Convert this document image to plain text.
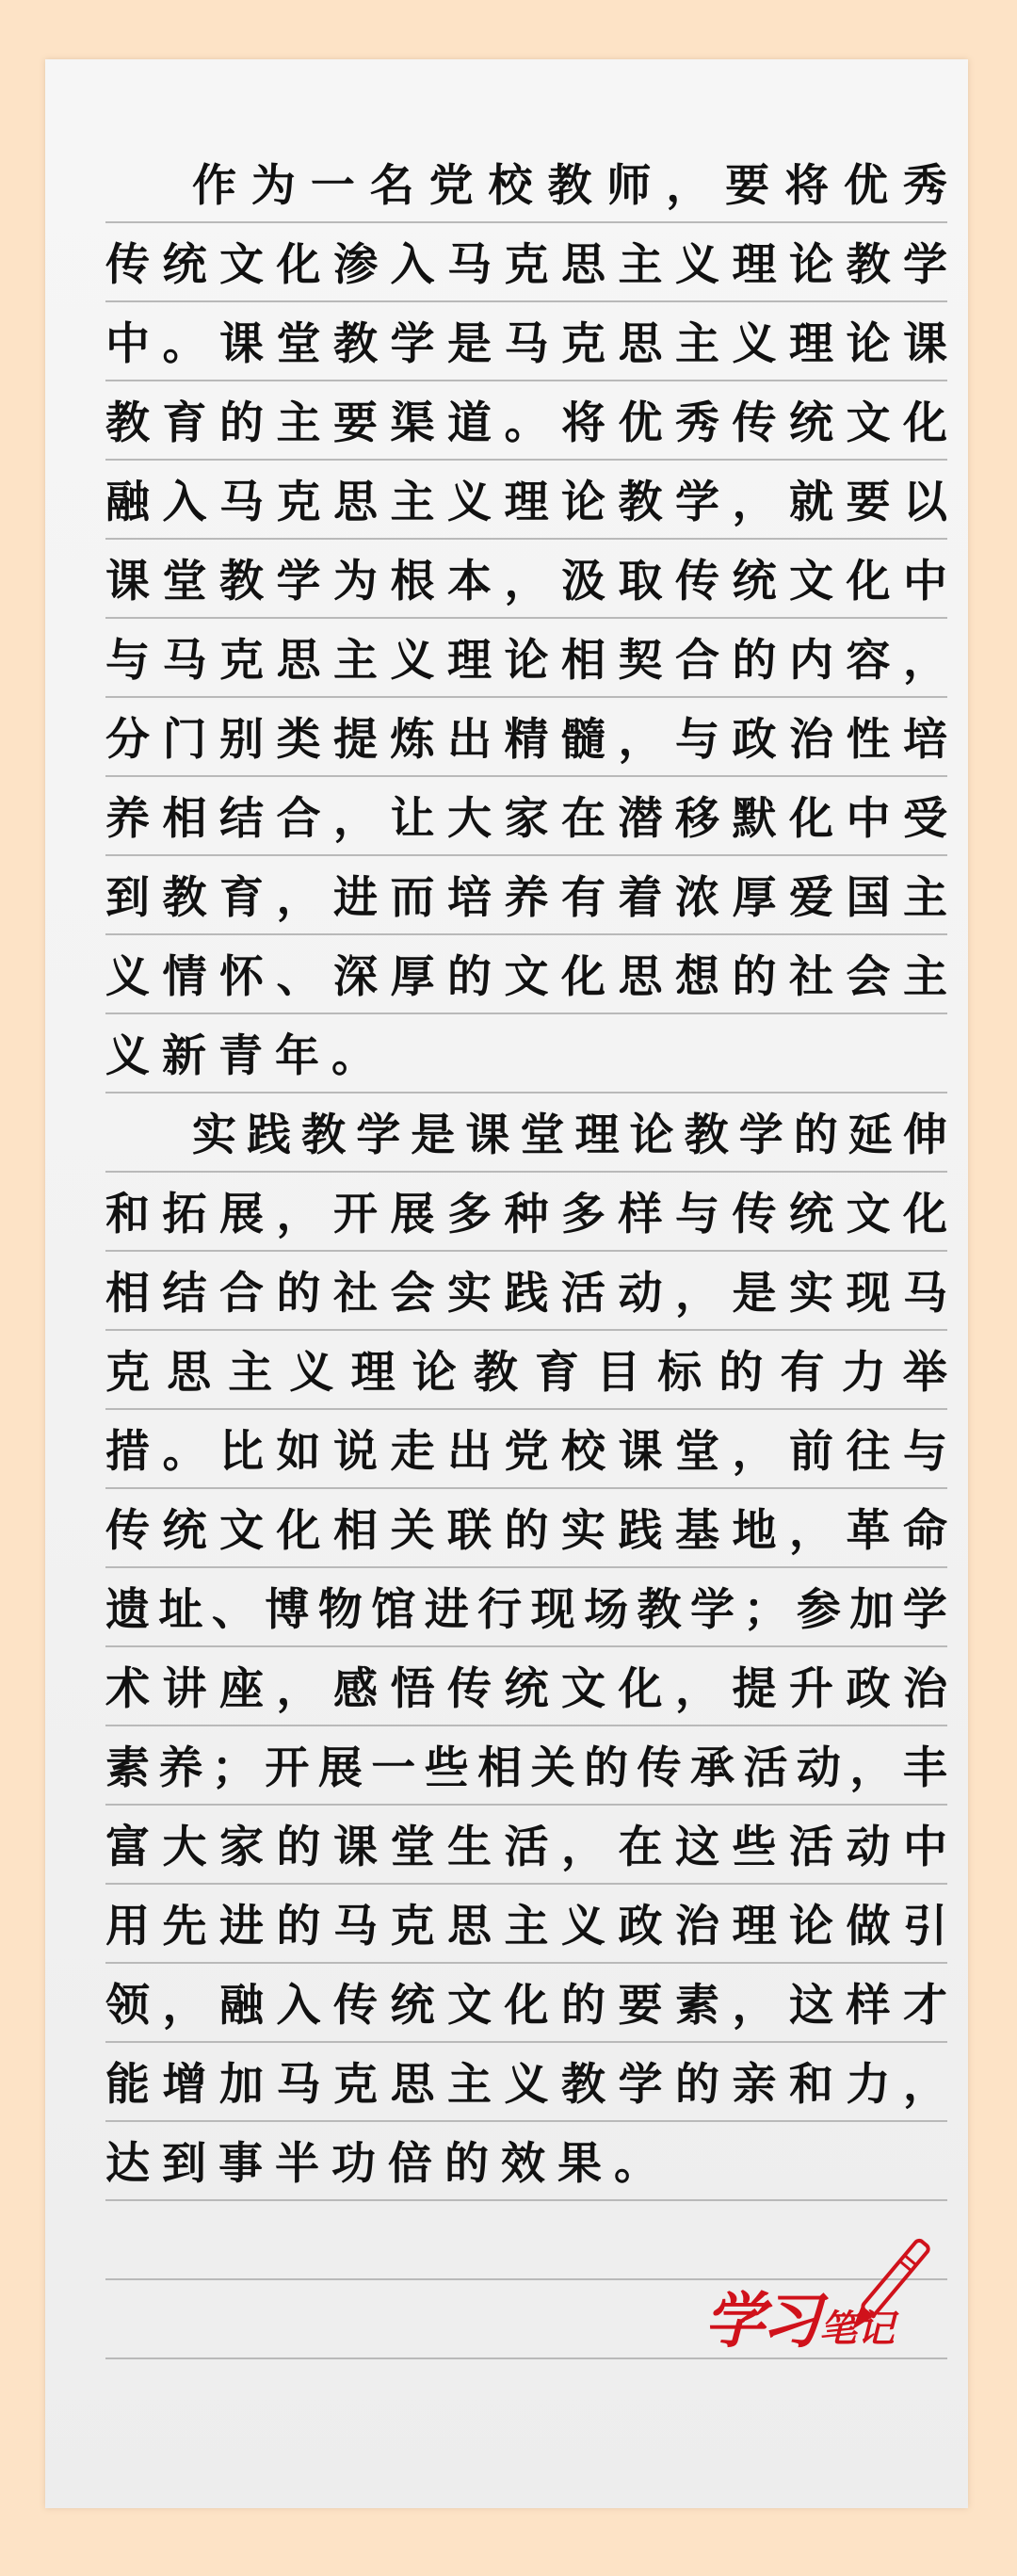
作 为 一 名 党 校 教 师 ， 要 将 优 秀
传 统 文 化 渗 入 马 克 思 主 义 理 论 教 学
中 。 课 堂 教 学 是 马 克 思 主 义 理 论 课
教 育 的 主 要 渠 道 。 将 优 秀 传 统 文 化
融 入 马 克 思 主 义 理 论 教 学 ， 就 要 以
课 堂 教 学 为 根 本 ， 汲 取 传 统 文 化 中
与 马 克 思 主 义 理 论 相 契 合 的 内 容 ，
分 门 别 类 提 炼 出 精 髓 ， 与 政 治 性 培
养 相 结 合 ， 让 大 家 在 潜 移 默 化 中 受
到 教 育 ， 进 而 培 养 有 着 浓 厚 爱 国 主
义 情 怀 、 深 厚 的 文 化 思 想 的 社 会 主
义新青年。
实 践 教 学 是 课 堂 理 论 教 学 的 延 伸
和 拓 展 ， 开 展 多 种 多 样 与 传 统 文 化
相 结 合 的 社 会 实 践 活 动 ， 是 实 现 马
克 思 主 义 理 论 教 育 目 标 的 有 力 举
措 。 比 如 说 走 出 党 校 课 堂 ， 前 往 与
传 统 文 化 相 关 联 的 实 践 基 地 ， 革 命
遗 址 、 博 物 馆 进 行 现 场 教 学 ； 参 加 学
术 讲 座 ， 感 悟 传 统 文 化 ， 提 升 政 治
素 养 ； 开 展 一 些 相 关 的 传 承 活 动 ， 丰
富 大 家 的 课 堂 生 活 ， 在 这 些 活 动 中
用 先 进 的 马 克 思 主 义 政 治 理 论 做 引
领 ， 融 入 传 统 文 化 的 要 素 ， 这 样 才
能 增 加 马 克 思 主 义 教 学 的 亲 和 力 ，
达到事半功倍的效果。
学习笔记
